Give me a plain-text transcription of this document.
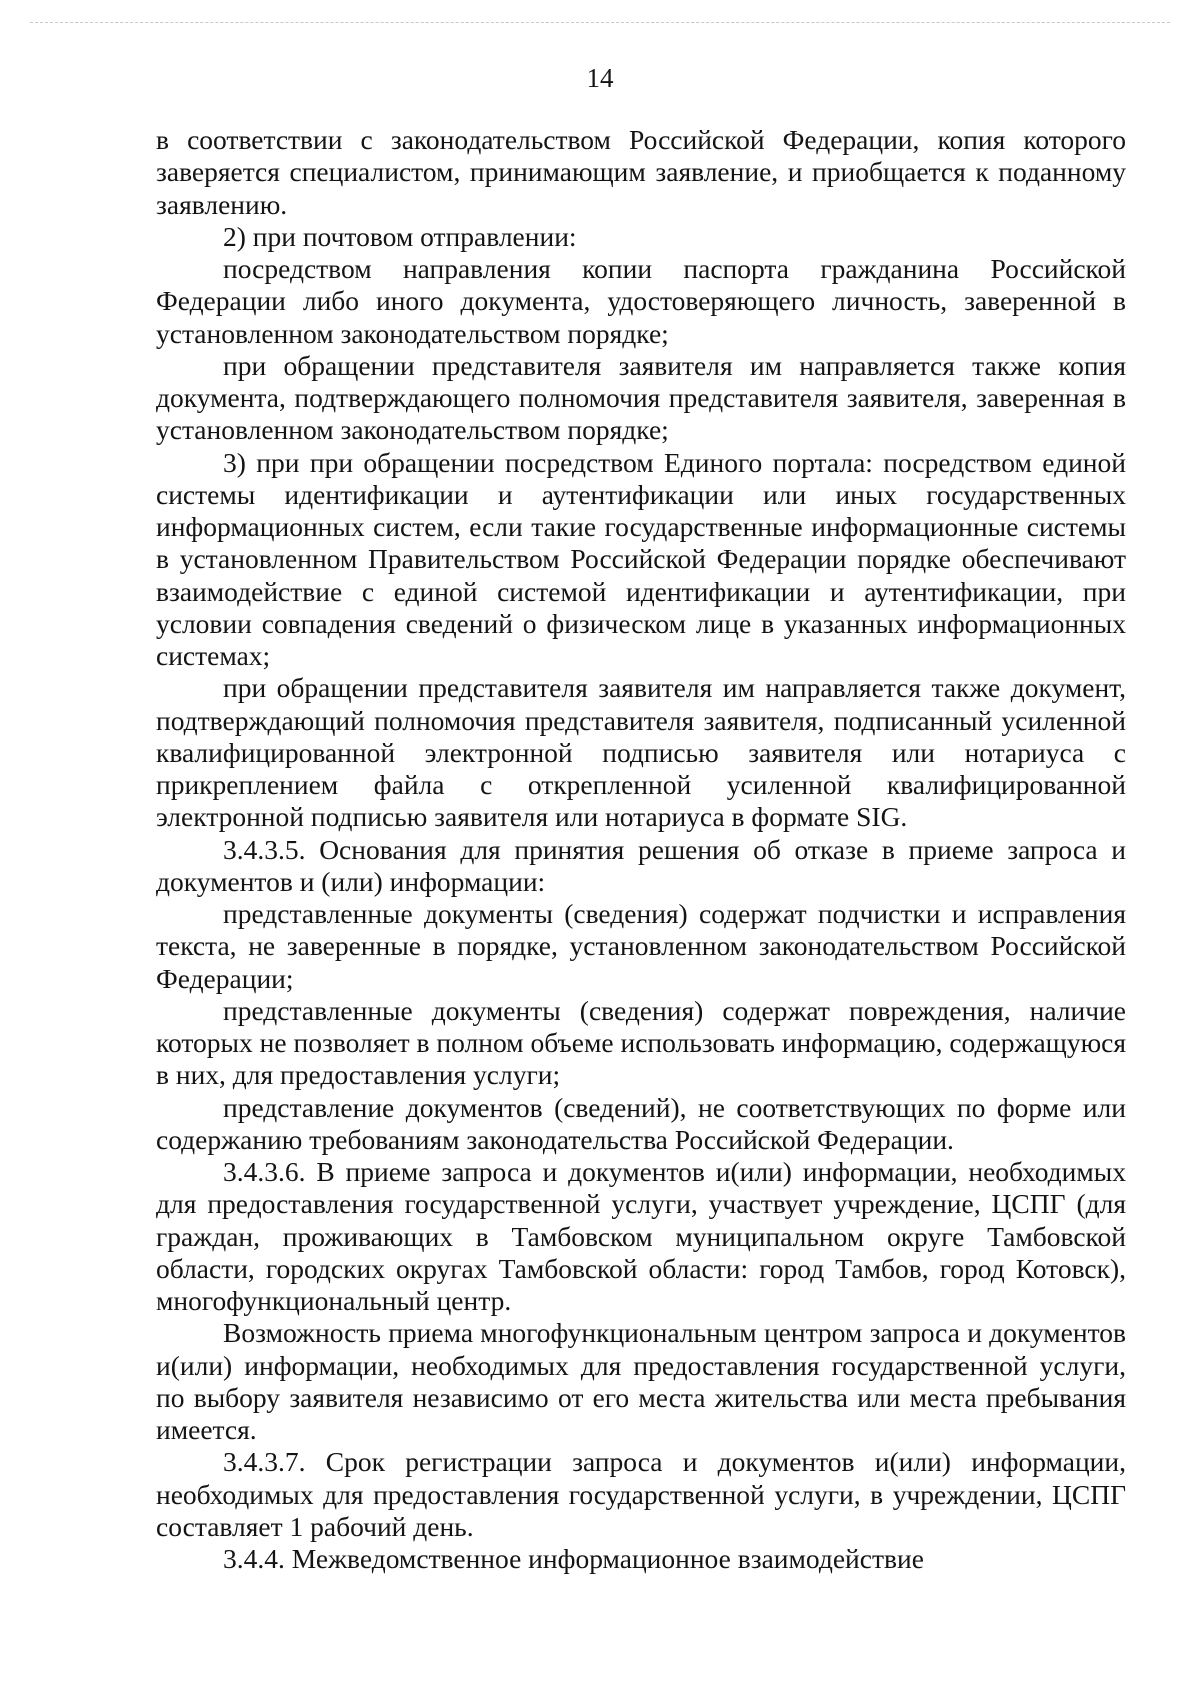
14

в соответствии с законодательством Российской Федерации, копия которого заверяется специалистом, принимающим заявление, и приобщается к поданному заявлению.

2) при почтовом отправлении:

посредством направления копии паспорта гражданина Российской Федерации либо иного документа, удостоверяющего личность, заверенной в установленном законодательством порядке;

при обращении представителя заявителя им направляется также копия документа, подтверждающего полномочия представителя заявителя, заверенная в установленном законодательством порядке;

3) при при обращении посредством Единого портала: посредством единой системы идентификации и аутентификации или иных государственных информационных систем, если такие государственные информационные системы в установленном Правительством Российской Федерации порядке обеспечивают взаимодействие с единой системой идентификации и аутентификации, при условии совпадения сведений о физическом лице в указанных информационных системах;

при обращении представителя заявителя им направляется также документ, подтверждающий полномочия представителя заявителя, подписанный усиленной квалифицированной электронной подписью заявителя или нотариуса с прикреплением файла с открепленной усиленной квалифицированной электронной подписью заявителя или нотариуса в формате SIG.

3.4.3.5. Основания для принятия решения об отказе в приеме запроса и документов и (или) информации:

представленные документы (сведения) содержат подчистки и исправления текста, не заверенные в порядке, установленном законодательством Российской Федерации;

представленные документы (сведения) содержат повреждения, наличие которых не позволяет в полном объеме использовать информацию, содержащуюся в них, для предоставления услуги;

представление документов (сведений), не соответствующих по форме или содержанию требованиям законодательства Российской Федерации.

3.4.3.6. В приеме запроса и документов и(или) информации, необходимых для предоставления государственной услуги, участвует учреждение, ЦСПГ (для граждан, проживающих в Тамбовском муниципальном округе Тамбовской области, городских округах Тамбовской области: город Тамбов, город Котовск), многофункциональный центр.

Возможность приема многофункциональным центром запроса и документов и(или) информации, необходимых для предоставления государственной услуги, по выбору заявителя независимо от его места жительства или места пребывания имеется.

3.4.3.7. Срок регистрации запроса и документов и(или) информации, необходимых для предоставления государственной услуги, в учреждении, ЦСПГ составляет 1 рабочий день.

3.4.4. Межведомственное информационное взаимодействие
